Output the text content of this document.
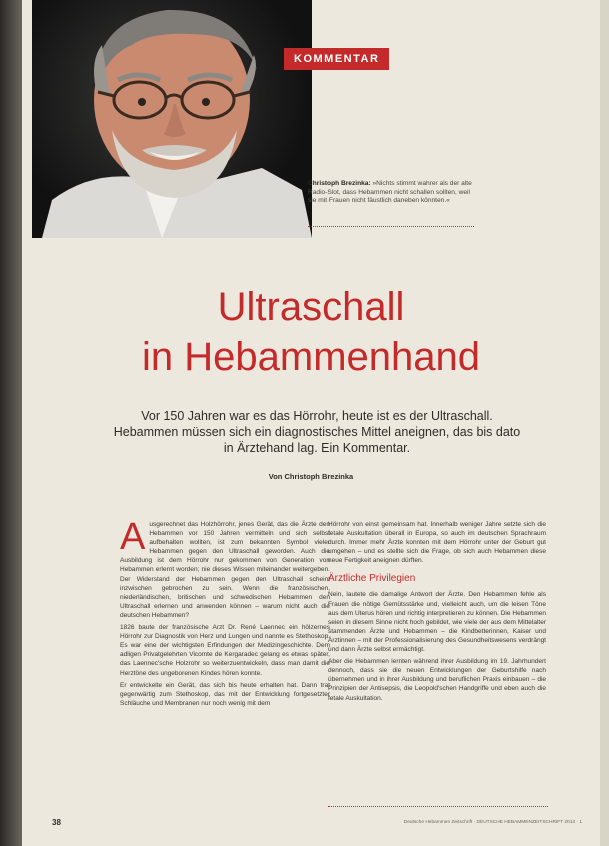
KOMMENTAR
Christoph Brezinka: »Nichts stimmt wahrer als der alte Radio-Slot, dass Hebammen nicht schallen sollten, weil sie mit Frauen nicht fäustlich daneben könnten.«
Ultraschall
in Hebammenhand

Vor 150 Jahren war es das Hörrohr, heute ist es der Ultraschall. Hebammen müssen sich ein diagnostisches Mittel aneignen, das bis dato in Ärztehand lag. Ein Kommentar.

Von Christoph Brezinka

A usgerechnet das Holzhörrohr, jenes Gerät, das die Ärzte den Hebammen vor 150 Jahren vermitteln und sich selbst aufbehalten wollten, ist zum bekannten Symbol vieler Hebammen gegen den Ultraschall geworden. Auch die Ausbildung ist dem Hörrohr nur gekommen von Generation von Hebammen erlernt worden; nie dieses Wissen miteinander weitergeben. Der Widerstand der Hebammen gegen den Ultraschall scheint inzwischen gebrochen zu sein. Wenn die französischen, niederländischen, britischen und schwedischen Hebammen den Ultraschall erlernen und anwenden können – warum nicht auch die deutschen Hebammen?

1826 baute der französische Arzt Dr. René Laennec ein hölzernes Hörrohr zur Diagnostik von Herz und Lungen und nannte es Stethoskop. Es war eine der wichtigsten Erfindungen der Medizingeschichte. Dem adligen Privatgelehrten Vicomte de Kergaradec gelang es etwas später, das Laennec'sche Holzrohr so weiterzuentwickeln, dass man damit die Herztöne des ungeborenen Kindes hören konnte.

Er entwickelte ein Gerät, das sich bis heute erhalten hat. Dann trat gegenwärtig zum Stethoskop, das mit der Entwicklung fortgesetzter Schläuche und Membranen nur noch wenig mit dem

Hörrohr von einst gemeinsam hat. Innerhalb weniger Jahre setzte sich die fetale Auskultation überall in Europa, so auch im deutschen Sprachraum durch. Immer mehr Ärzte konnten mit dem Hörrohr unter der Geburt gut umgehen – und es stellte sich die Frage, ob sich auch Hebammen diese neue Fertigkeit aneignen dürften.

Ärztliche Privilegien

Nein, lautete die damalige Antwort der Ärzte. Den Hebammen fehle als Frauen die nötige Gemütsstärke und, vielleicht auch, um die leisen Töne aus dem Uterus hören und richtig interpretieren zu können. Die Hebammen seien in diesem Sinne nicht hoch gebildet, wie viele der aus dem Mittelalter stammenden Ärzte und Hebammen – die Kindbetterinnen, Kaiser und Ärztinnen – mit der Professionalisierung des Gesundheitswesens verdrängt und dann Ärzte selbst ermächtigt.

Aber die Hebammen lernten während ihrer Ausbildung im 19. Jahrhundert dennoch, dass sie die neuen Entwicklungen der Geburtshilfe nach übernehmen und in ihrer Ausbildung und beruflichen Praxis einbauen – die Prinzipien der Antisepsis, die Leopold'schen Handgriffe und eben auch die fetale Auskultation.

38	Deutsche Hebammen Zeitschrift · DEUTSCHE HEBAMMENZEITSCHRIFT 2013 · 1
